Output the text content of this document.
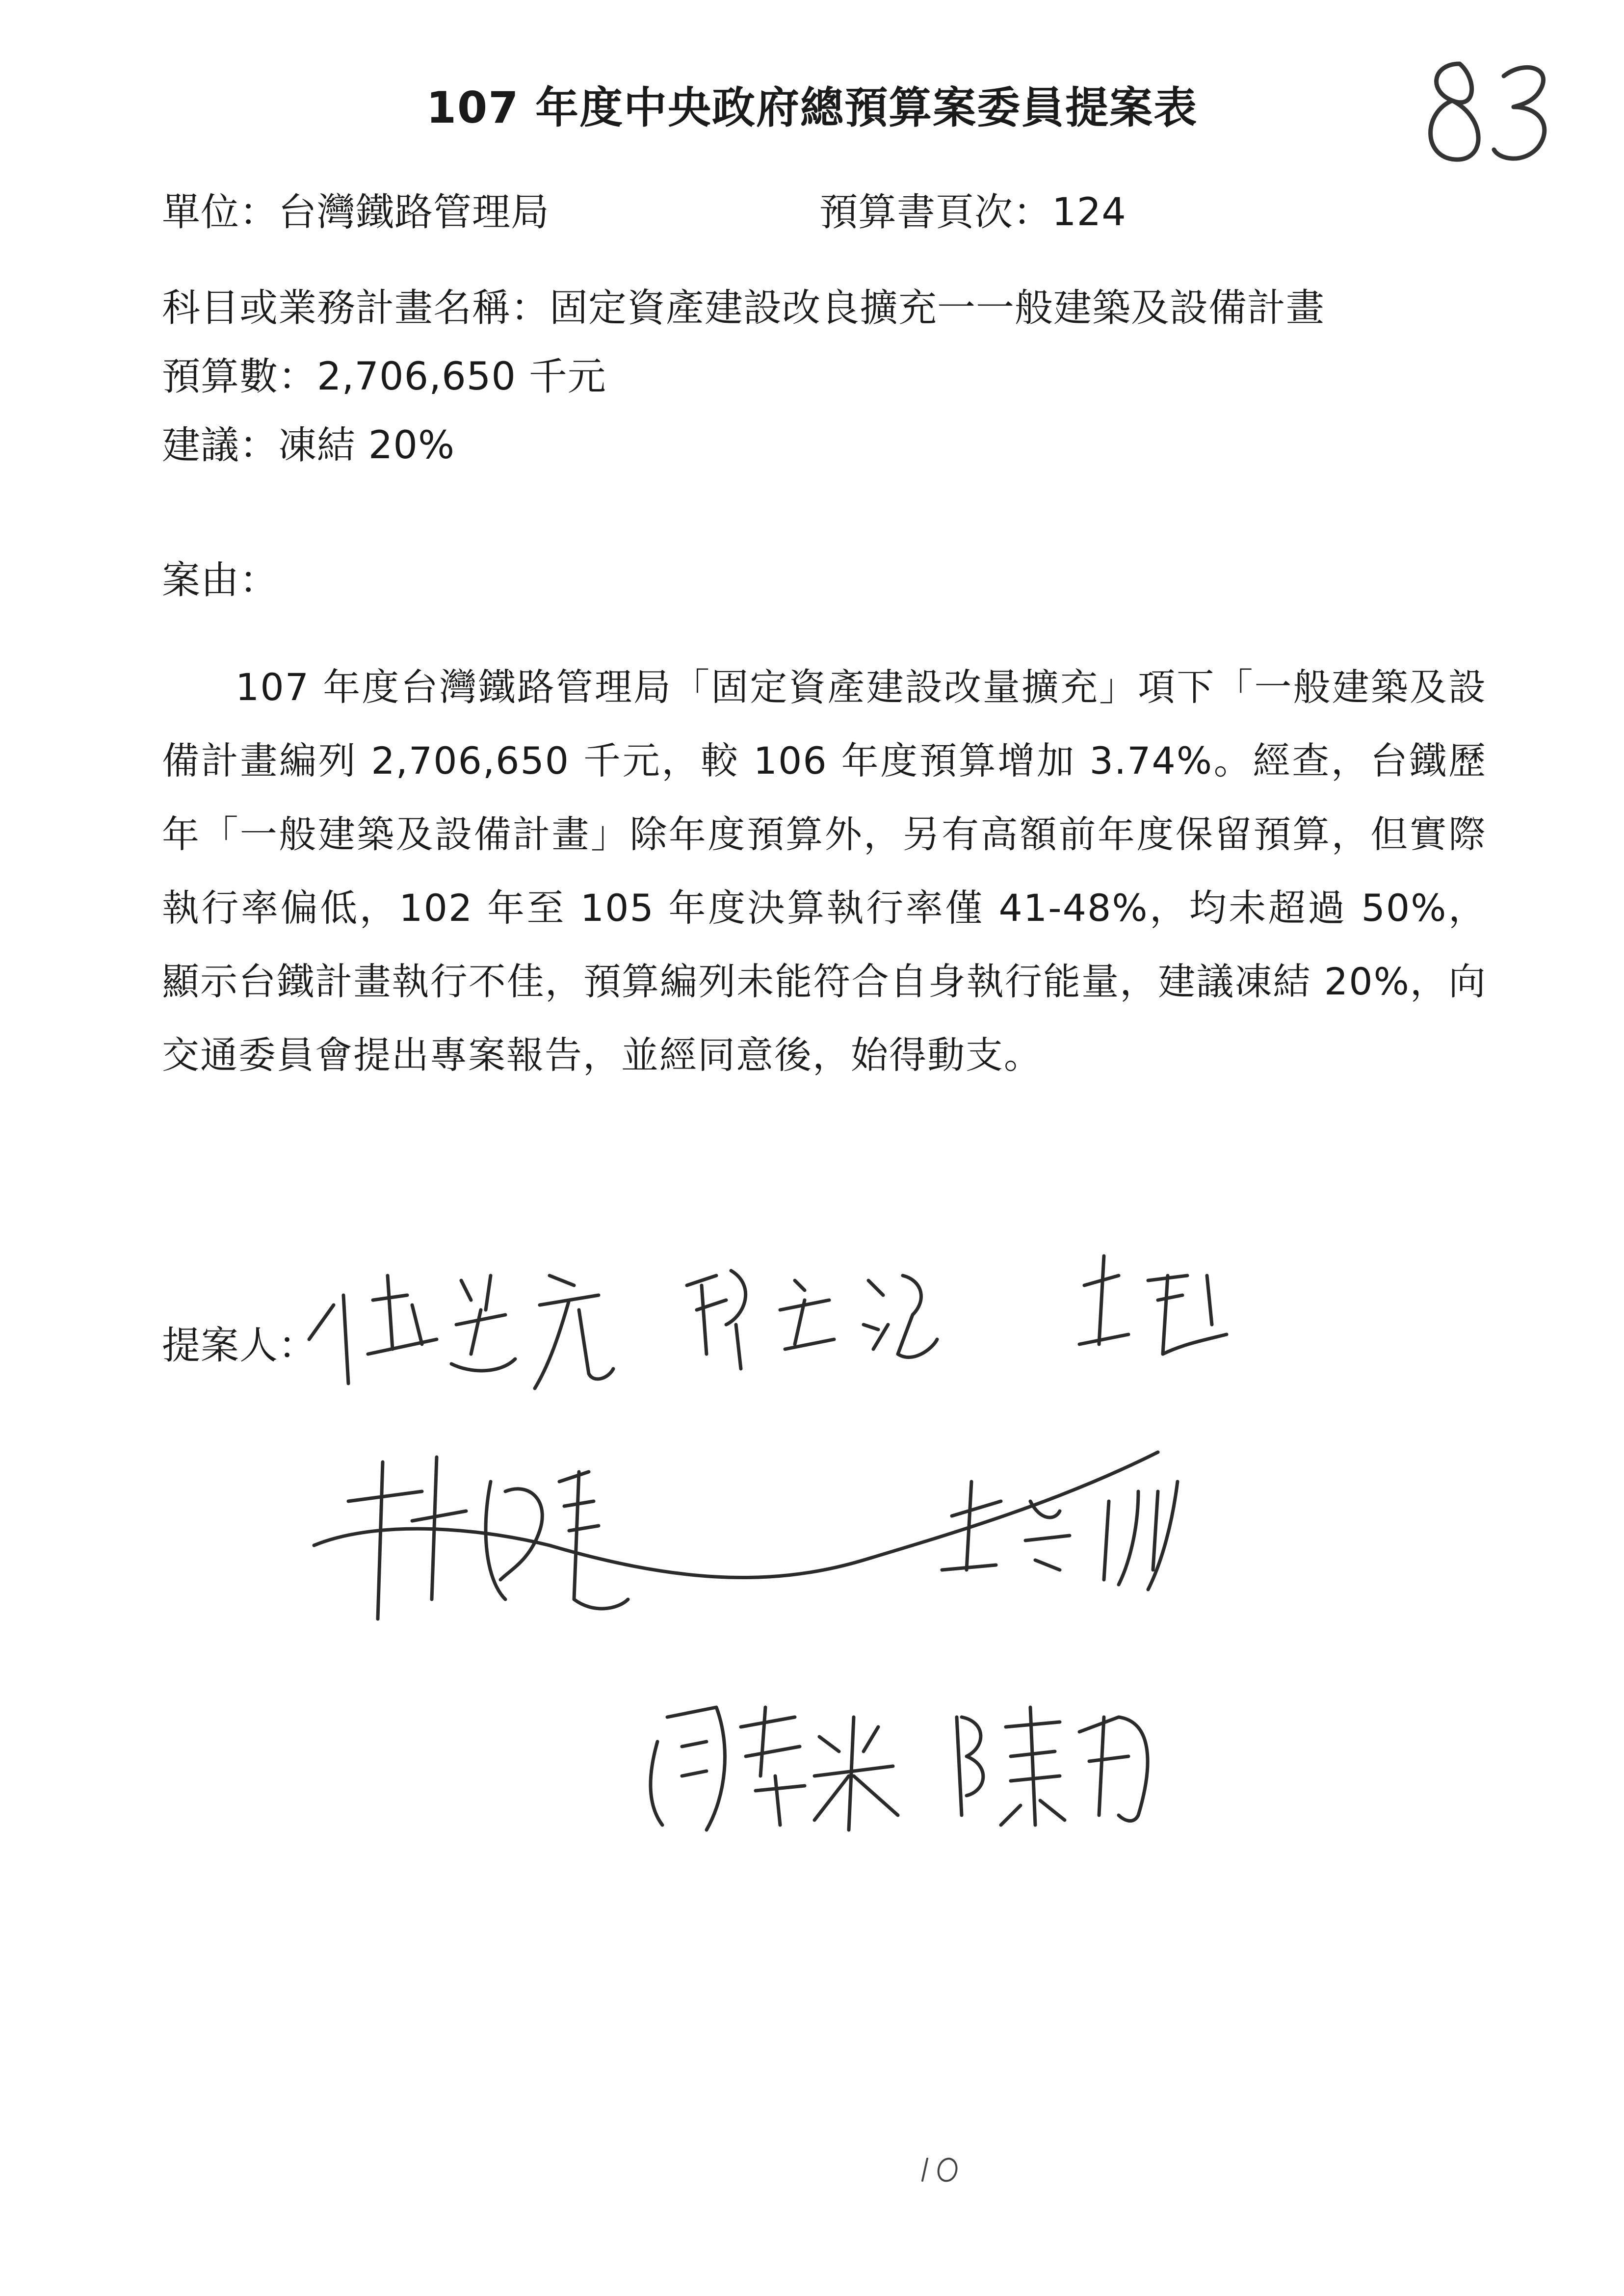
107 年度中央政府總預算案委員提案表
單位：台灣鐵路管理局	預算書頁次：124
科目或業務計畫名稱：固定資產建設改良擴充一一般建築及設備計畫
預算數：2,706,650 千元
建議：凍結 20%
案由：

107 年度台灣鐵路管理局「固定資產建設改量擴充」項下「一般建築及設備計畫編列 2,706,650 千元，較 106 年度預算增加 3.74%。經查，台鐵歷年「一般建築及設備計畫」除年度預算外，另有高額前年度保留預算，但實際執行率偏低，102 年至 105 年度決算執行率僅 41-48%，均未超過 50%，顯示台鐵計畫執行不佳，預算編列未能符合自身執行能量，建議凍結 20%，向交通委員會提出專案報告，並經同意後，始得動支。

提案人：
